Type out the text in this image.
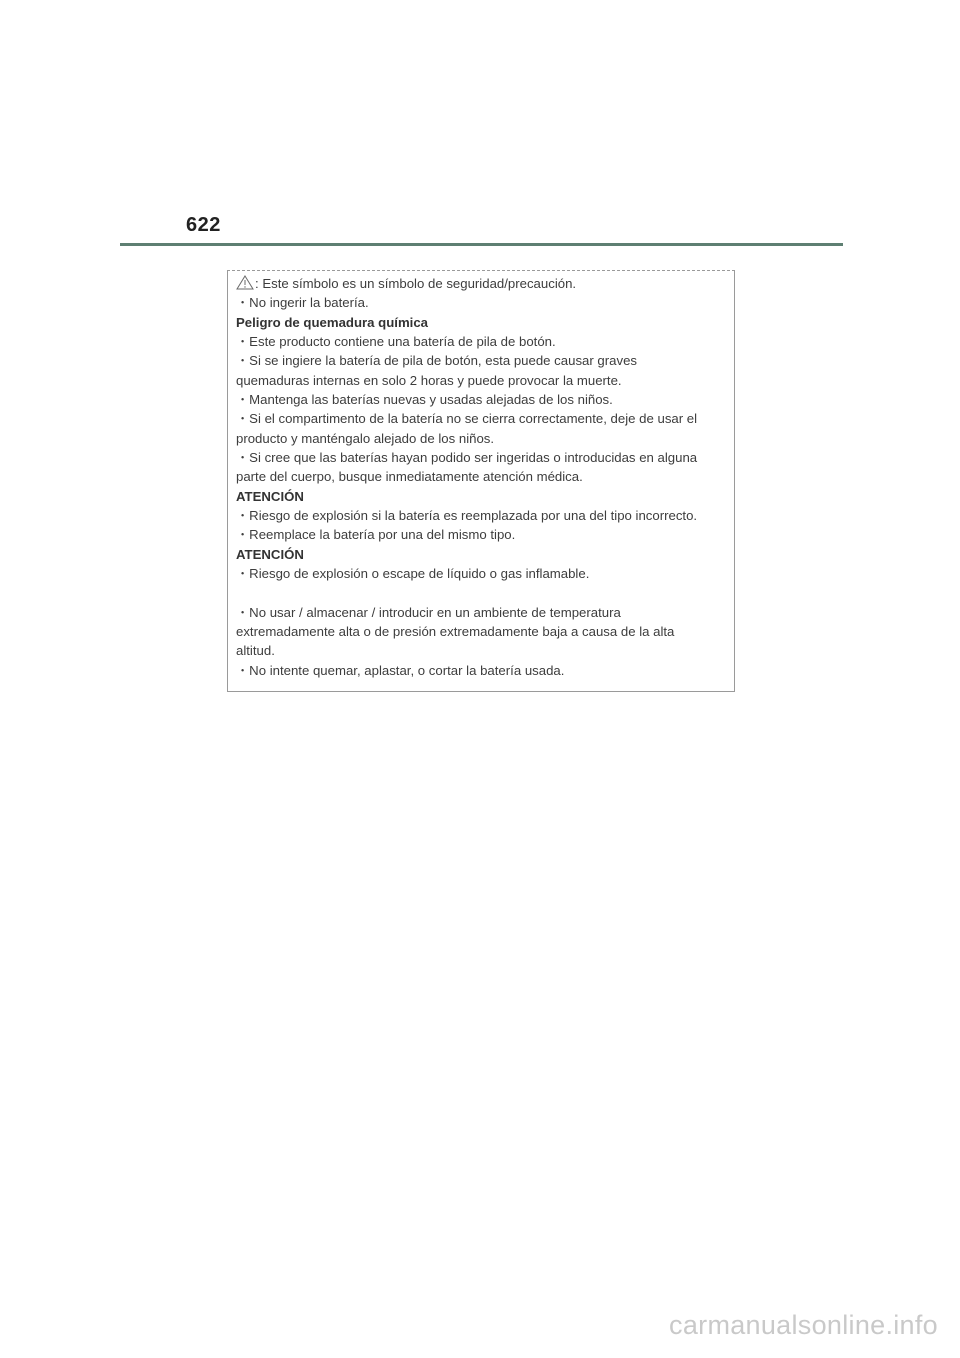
622
: Este símbolo es un símbolo de seguridad/precaución.
・No ingerir la batería.
Peligro de quemadura química
・Este producto contiene una batería de pila de botón.
・Si se ingiere la batería de pila de botón, esta puede causar graves
quemaduras internas en solo 2 horas y puede provocar la muerte.
・Mantenga las baterías nuevas y usadas alejadas de los niños.
・Si el compartimento de la batería no se cierra correctamente, deje de usar el
producto y manténgalo alejado de los niños.
・Si cree que las baterías hayan podido ser ingeridas o introducidas en alguna
parte del cuerpo, busque inmediatamente atención médica.
ATENCIÓN
・Riesgo de explosión si la batería es reemplazada por una del tipo incorrecto.
・Reemplace la batería por una del mismo tipo.
ATENCIÓN
・Riesgo de explosión o escape de líquido o gas inflamable.
・No usar / almacenar / introducir en un ambiente de temperatura
extremadamente alta o de presión extremadamente baja a causa de la alta
altitud.
・No intente quemar, aplastar, o cortar la batería usada.
carmanualsonline.info
